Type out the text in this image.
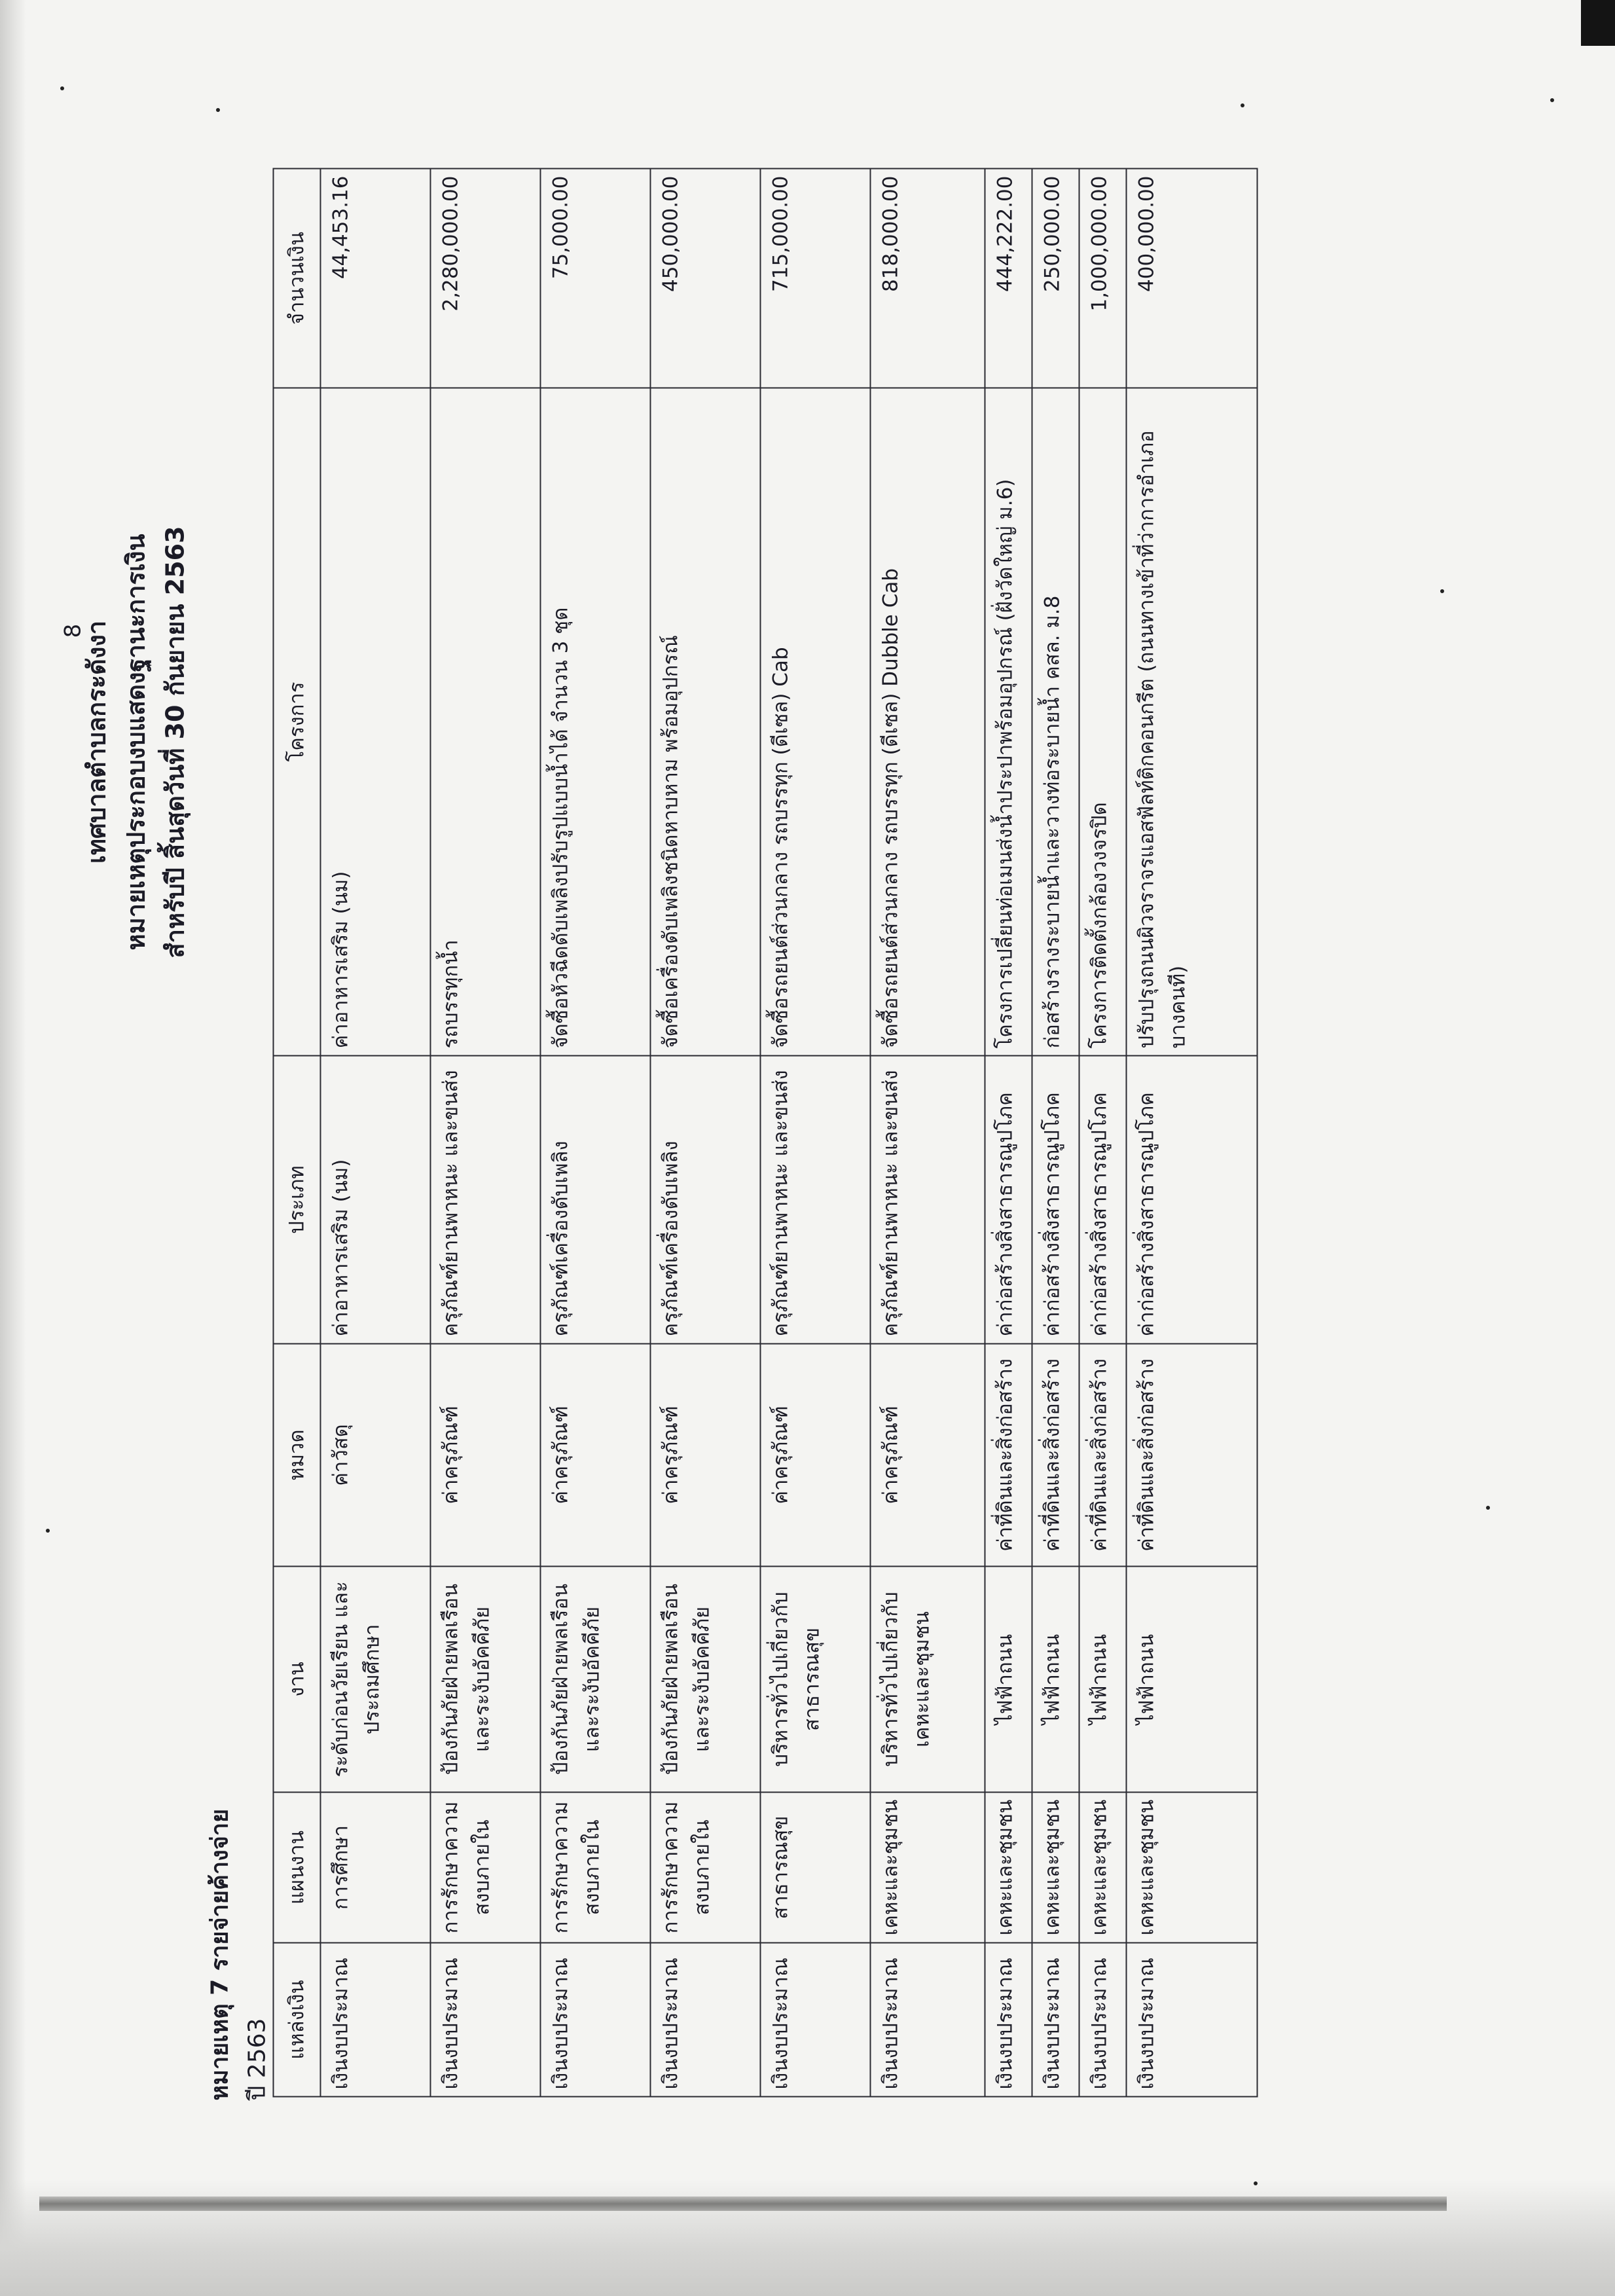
8
เทศบาลตำบลกระดังงา หมายเหตุประกอบงบแสดงฐานะการเงิน สำหรับปี สิ้นสุดวันที่ 30 กันยายน 2563
หมายเหตุ 7 รายจ่ายค้างจ่าย ปี 2563 แหล่งเงิน	แผนงาน	งาน	หมวด	ประเภท	โครงการ	จำนวนเงิน
เงินงบประมาณ	การศึกษา	ระดับก่อนวัยเรียน และประถมศึกษา	ค่าวัสดุ	ค่าอาหารเสริม (นม)	ค่าอาหารเสริม (นม)	44,453.16
เงินงบประมาณ	การรักษาความสงบภายใน	ป้องกันภัยฝ่ายพลเรือน และระงับอัคคีภัย	ค่าครุภัณฑ์	ครุภัณฑ์ยานพาหนะ และขนส่ง	รถบรรทุกน้ำ	2,280,000.00
เงินงบประมาณ	การรักษาความสงบภายใน	ป้องกันภัยฝ่ายพลเรือน และระงับอัคคีภัย	ค่าครุภัณฑ์	ครุภัณฑ์เครื่องดับเพลิง	จัดซื้อหัวฉีดดับเพลิงปรับรูปแบบน้ำได้ จำนวน 3 ชุด	75,000.00
เงินงบประมาณ	การรักษาความสงบภายใน	ป้องกันภัยฝ่ายพลเรือน และระงับอัคคีภัย	ค่าครุภัณฑ์	ครุภัณฑ์เครื่องดับเพลิง	จัดซื้อเครื่องดับเพลิงชนิดหาบหาม พร้อมอุปกรณ์	450,000.00
เงินงบประมาณ	สาธารณสุข	บริหารทั่วไปเกี่ยวกับ สาธารณสุข	ค่าครุภัณฑ์	ครุภัณฑ์ยานพาหนะ และขนส่ง	จัดซื้อรถยนต์ส่วนกลาง รถบรรทุก (ดีเซล) Cab	715,000.00
เงินงบประมาณ	เคหะและชุมชน	บริหารทั่วไปเกี่ยวกับ เคหะและชุมชน	ค่าครุภัณฑ์	ครุภัณฑ์ยานพาหนะ และขนส่ง	จัดซื้อรถยนต์ส่วนกลาง รถบรรทุก (ดีเซล) Dubble Cab	818,000.00
เงินงบประมาณ	เคหะและชุมชน	ไฟฟ้าถนน	ค่าที่ดินและสิ่งก่อสร้าง	ค่าก่อสร้างสิ่งสาธารณูปโภค	โครงการเปลี่ยนท่อเมนส่งน้ำประปาพร้อมอุปกรณ์ (ฝั่งวัดใหญ่ ม.6)	444,222.00
เงินงบประมาณ	เคหะและชุมชน	ไฟฟ้าถนน	ค่าที่ดินและสิ่งก่อสร้าง	ค่าก่อสร้างสิ่งสาธารณูปโภค	ก่อสร้างรางระบายน้ำและวางท่อระบายน้ำ คสล. ม.8	250,000.00
เงินงบประมาณ	เคหะและชุมชน	ไฟฟ้าถนน	ค่าที่ดินและสิ่งก่อสร้าง	ค่าก่อสร้างสิ่งสาธารณูปโภค	โครงการติดตั้งกล้องวงจรปิด	1,000,000.00
เงินงบประมาณ	เคหะและชุมชน	ไฟฟ้าถนน	ค่าที่ดินและสิ่งก่อสร้าง	ค่าก่อสร้างสิ่งสาธารณูปโภค	ปรับปรุงถนนผิวจราจรแอสฟัลท์ติกคอนกรีต (ถนนทางเข้าที่ว่าการอำเภอบางคนที)	400,000.00
